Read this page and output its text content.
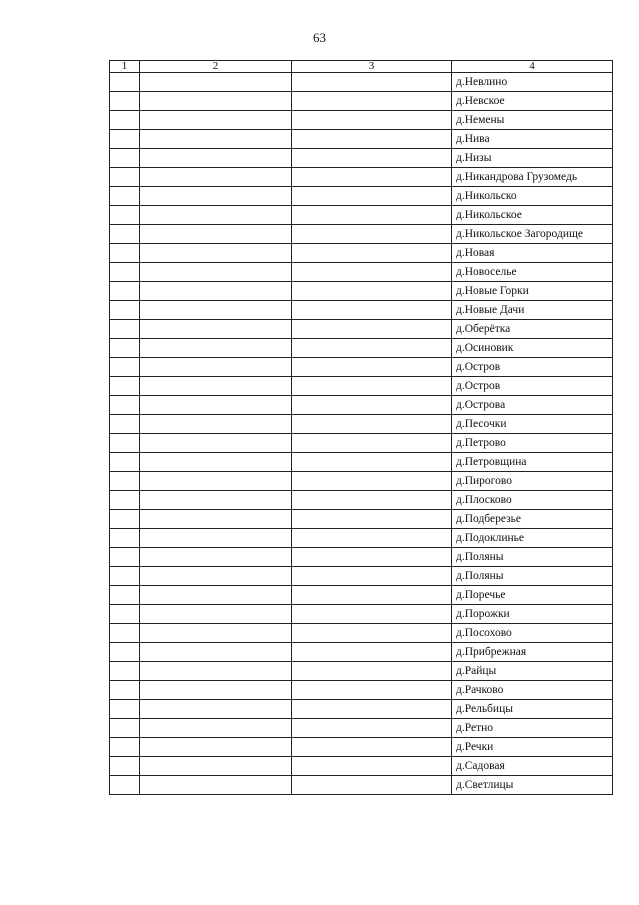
63
1	2	3	4
			д.Невлино
			д.Невское
			д.Немены
			д.Нива
			д.Низы
			д.Никандрова Грузомедь
			д.Никольско
			д.Никольское
			д.Никольское Загородище
			д.Новая
			д.Новоселье
			д.Новые Горки
			д.Новые Дачи
			д.Оберётка
			д.Осиновик
			д.Остров
			д.Остров
			д.Острова
			д.Песочки
			д.Петрово
			д.Петровщина
			д.Пирогово
			д.Плосково
			д.Подберезье
			д.Подоклинье
			д.Поляны
			д.Поляны
			д.Поречье
			д.Порожки
			д.Посохово
			д.Прибрежная
			д.Райцы
			д.Рачково
			д.Рельбицы
			д.Ретно
			д.Речки
			д.Садовая
			д.Светлицы
